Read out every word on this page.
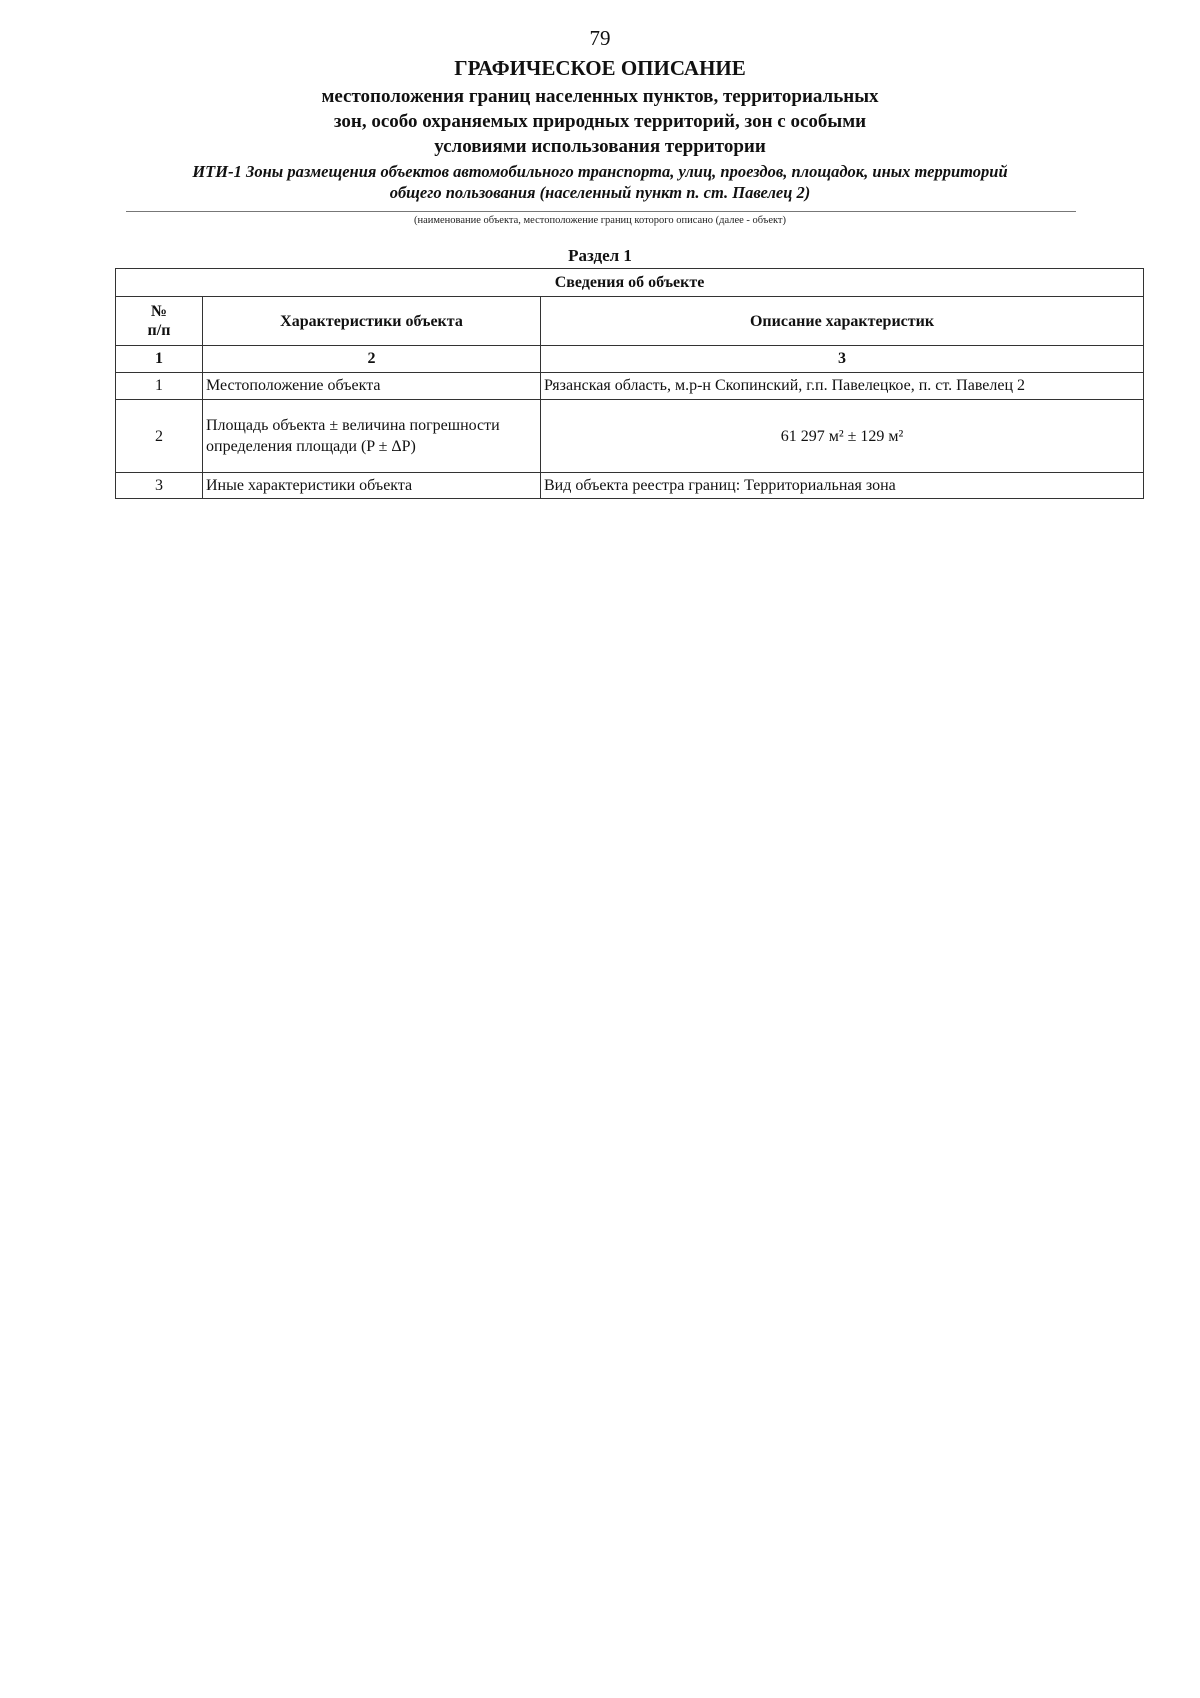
79
ГРАФИЧЕСКОЕ ОПИСАНИЕ
местоположения границ населенных пунктов, территориальных
зон, особо охраняемых природных территорий, зон с особыми
условиями использования территории
ИТИ-1 Зоны размещения объектов автомобильного транспорта, улиц, проездов, площадок, иных территорий
общего пользования (населенный пункт п. ст. Павелец 2)
(наименование объекта, местоположение границ которого описано (далее - объект)
Раздел 1
Сведения об объекте		

№
п/п	Характеристики объекта	Описание характеристик
1	2	3
1	Местоположение объекта	Рязанская область, м.р-н Скопинский, г.п. Павелецкое, п. ст. Павелец 2
2	Площадь объекта ± величина погрешности определения площади (P ± ΔP)	61 297 м² ± 129 м²
3	Иные характеристики объекта	Вид объекта реестра границ: Территориальная зона
